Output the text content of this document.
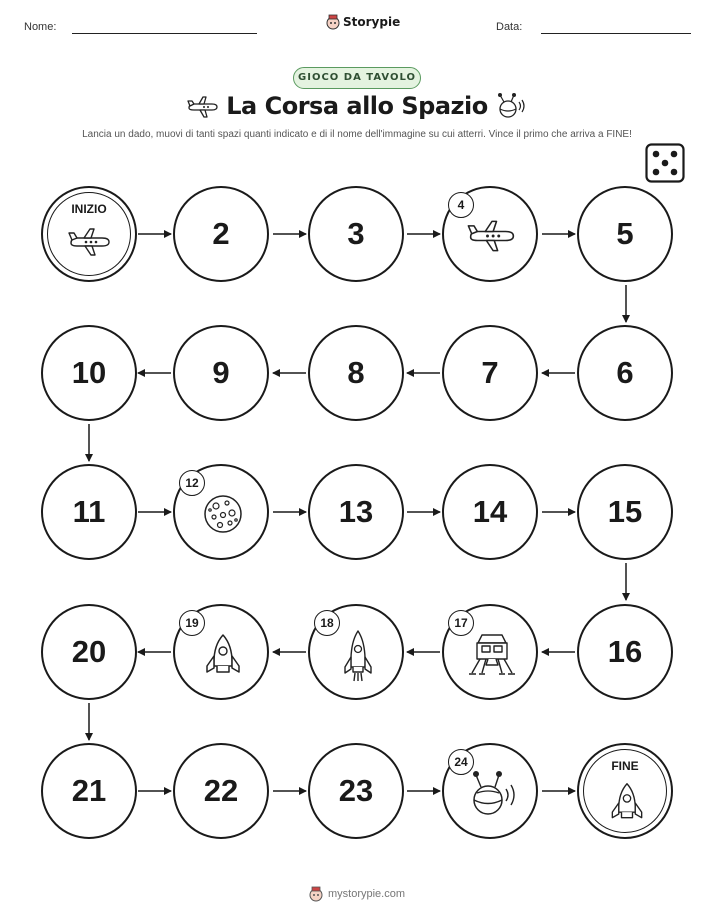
Nome:	Storypie	Data:
GIOCO DA TAVOLO
La Corsa allo Spazio
Lancia un dado, muovi di tanti spazi quanti indicato e di il nome dell'immagine su cui atterri. Vince il primo che arriva a FINE!
INIZIO
2	3
4
5
10	9	8	7	6
11
12
13	14	15
20
19	18	17
16
21	22	23
24	FINE
mystorypie.com
